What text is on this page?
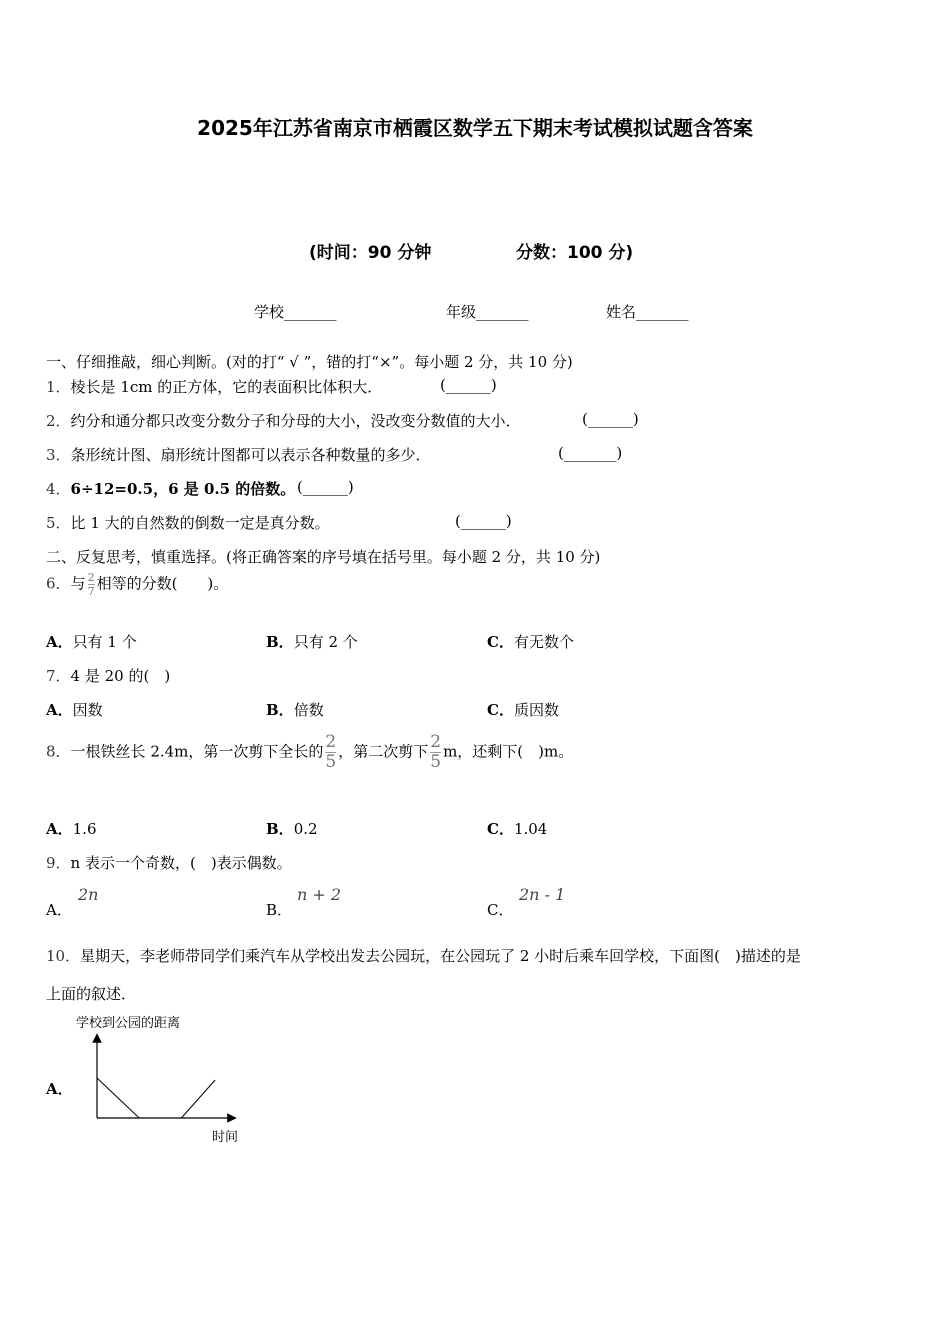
2025年江苏省南京市栖霞区数学五下期末考试模拟试题含答案
(时间：90 分钟	分数：100 分)
学校_______	年级_______	姓名_______
一、仔细推敲，细心判断。(对的打“ √ ”，错的打“×”。每小题 2 分，共 10 分)
1．棱长是 1cm 的正方体，它的表面积比体积大．	(______)
2．约分和通分都只改变分数分子和分母的大小，没改变分数值的大小．	(______)
3．条形统计图、扇形统计图都可以表示各种数量的多少．	(_______)
4．6÷12=0.5，6 是 0.5 的倍数。 (______)
5．比 1 大的自然数的倒数一定是真分数。	(______)
二、反复思考，慎重选择。(将正确答案的序号填在括号里。每小题 2 分，共 10 分)
6．与 $\frac{2}{7}$ 相等的分数(　　)。
A．只有 1 个	B．只有 2 个	C．有无数个
7．4 是 20 的(　)
A．因数	B．倍数	C．质因数
8．一根铁丝长 2.4m，第一次剪下全长的 $\frac{2}{5}$ ，第二次剪下 $\frac{2}{5}$ m，还剩下(　)m。
A．1.6	B．0.2	C．1.04
9．n 表示一个奇数，(　)表示偶数。
A．
2n
B．
n + 2
C．
2n - 1
10．星期天，李老师带同学们乘汽车从学校出发去公园玩，在公园玩了 2 小时后乘车回学校，下面图(　)描述的是
上面的叙述．
A．
学校到公园的距离
时间
